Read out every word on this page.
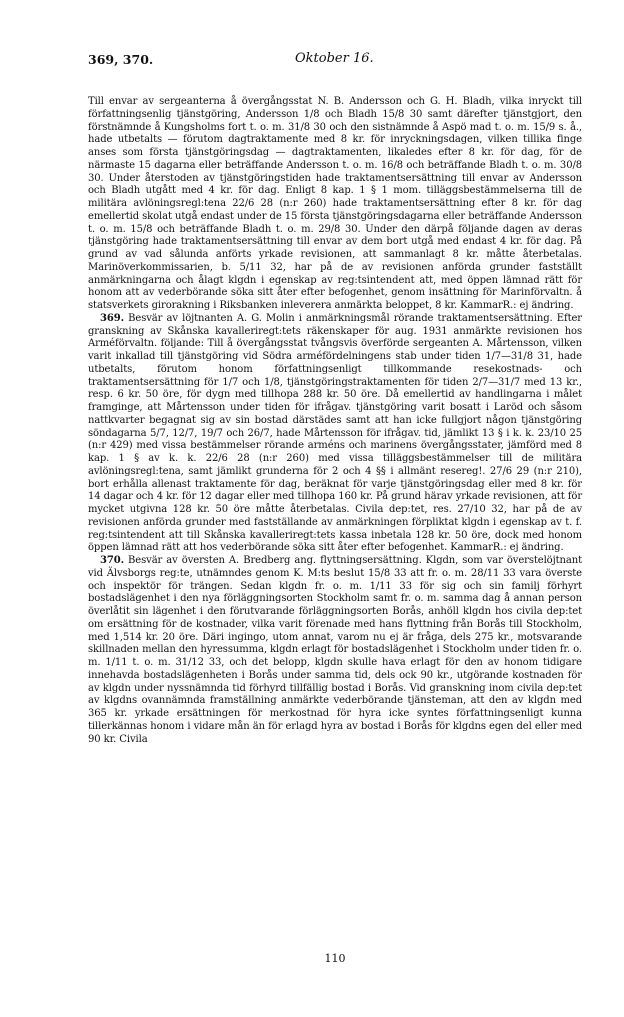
369, 370.	Oktober 16.

Till envar av sergeanterna å övergångsstat N. B. Andersson och G. H. Bladh, vilka inryckt till författningsenlig tjänstgöring, Andersson 1/8 och Bladh 15/8 30 samt därefter tjänstgjort, den förstnämnde å Kungsholms fort t. o. m. 31/8 30 och den sistnämnde å Aspö mad t. o. m. 15/9 s. å., hade utbetalts — förutom dagtraktamente med 8 kr. för inryckningsdagen, vilken tillika finge anses som första tjänstgöringsdag — dagtraktamenten, likaledes efter 8 kr. för dag, för de närmaste 15 dagarna eller beträffande Andersson t. o. m. 16/8 och beträffande Bladh t. o. m. 30/8 30. Under återstoden av tjänstgöringstiden hade traktamentsersättning till envar av Andersson och Bladh utgått med 4 kr. för dag. Enligt 8 kap. 1 § 1 mom. tilläggsbestämmelserna till de militära avlöningsregl:tena 22/6 28 (n:r 260) hade traktamentsersättning efter 8 kr. för dag emellertid skolat utgå endast under de 15 första tjänstgöringsdagarna eller beträffande Andersson t. o. m. 15/8 och beträffande Bladh t. o. m. 29/8 30. Under den därpå följande dagen av deras tjänstgöring hade traktamentsersättning till envar av dem bort utgå med endast 4 kr. för dag. På grund av vad sålunda anförts yrkade revisionen, att sammanlagt 8 kr. måtte återbetalas. Marinöverkommissarien, b. 5/11 32, har på de av revisionen anförda grunder fastställt anmärkningarna och ålagt klgdn i egenskap av reg:tsintendent att, med öppen lämnad rätt för honom att av vederbörande söka sitt åter efter befogenhet, genom insättning för Marinförvaltn. å statsverkets girorakning i Riksbanken inleverera anmärkta beloppet, 8 kr. KammarR.: ej ändring.

369. Besvär av löjtnanten A. G. Molin i anmärkningsmål rörande traktamentsersättning. Efter granskning av Skånska kavalleriregt:tets räkenskaper för aug. 1931 anmärkte revisionen hos Arméförvaltn. följande: Till å övergångsstat tvångsvis överförde sergeanten A. Mårtensson, vilken varit inkallad till tjänstgöring vid Södra arméfördelningens stab under tiden 1/7—31/8 31, hade utbetalts, förutom honom författningsenligt tillkommande resekostnads- och traktamentsersättning för 1/7 och 1/8, tjänstgöringstraktamenten för tiden 2/7—31/7 med 13 kr., resp. 6 kr. 50 öre, för dygn med tillhopa 288 kr. 50 öre. Då emellertid av handlingarna i målet framginge, att Mårtensson under tiden för ifrågav. tjänstgöring varit bosatt i Laröd och såsom nattkvarter begagnat sig av sin bostad därstädes samt att han icke fullgjort någon tjänstgöring söndagarna 5/7, 12/7, 19/7 och 26/7, hade Mårtensson för ifrågav. tid, jämlikt 13 § i k. k. 23/10 25 (n:r 429) med vissa bestämmelser rörande arméns och marinens övergångsstater, jämförd med 8 kap. 1 § av k. k. 22/6 28 (n:r 260) med vissa tilläggsbestämmelser till de militära avlöningsregl:tena, samt jämlikt grunderna för 2 och 4 §§ i allmänt resereg!. 27/6 29 (n:r 210), bort erhålla allenast traktamente för dag, beräknat för varje tjänstgöringsdag eller med 8 kr. för 14 dagar och 4 kr. för 12 dagar eller med tillhopa 160 kr. På grund härav yrkade revisionen, att för mycket utgivna 128 kr. 50 öre måtte återbetalas. Civila dep:tet, res. 27/10 32, har på de av revisionen anförda grunder med fastställande av anmärkningen förpliktat klgdn i egenskap av t. f. reg:tsintendent att till Skånska kavalleriregt:tets kassa inbetala 128 kr. 50 öre, dock med honom öppen lämnad rätt att hos vederbörande söka sitt åter efter befogenhet. KammarR.: ej ändring.

370. Besvär av översten A. Bredberg ang. flyttningsersättning. Klgdn, som var överstelöjtnant vid Älvsborgs reg:te, utnämndes genom K. M:ts beslut 15/8 33 att fr. o. m. 28/11 33 vara överste och inspektör för trängen. Sedan klgdn fr. o. m. 1/11 33 för sig och sin familj förhyrt bostadslägenhet i den nya förläggningsorten Stockholm samt fr. o. m. samma dag å annan person överlåtit sin lägenhet i den förutvarande förläggningsorten Borås, anhöll klgdn hos civila dep:tet om ersättning för de kostnader, vilka varit förenade med hans flyttning från Borås till Stockholm, med 1,514 kr. 20 öre. Däri ingingo, utom annat, varom nu ej är fråga, dels 275 kr., motsvarande skillnaden mellan den hyressumma, klgdn erlagt för bostadslägenhet i Stockholm under tiden fr. o. m. 1/11 t. o. m. 31/12 33, och det belopp, klgdn skulle hava erlagt för den av honom tidigare innehavda bostadslägenheten i Borås under samma tid, dels ock 90 kr., utgörande kostnaden för av klgdn under nyssnämnda tid förhyrd tillfällig bostad i Borås. Vid granskning inom civila dep:tet av klgdns ovannämnda framställning anmärkte vederbörande tjänsteman, att den av klgdn med 365 kr. yrkade ersättningen för merkostnad för hyra icke syntes författningsenligt kunna tillerkännas honom i vidare mån än för erlagd hyra av bostad i Borås för klgdns egen del eller med 90 kr. Civila

110
